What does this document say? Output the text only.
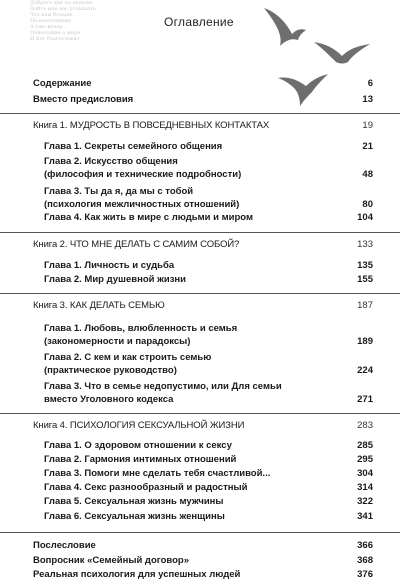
Доброго дня на неделю
Дайте мне вас услышать
Что нам больше
По-настоящему
А уже вечер
Пожелание о мире
И Бог благословит
Оглавление
Содержание	6
Вместо предисловия	13
Книга 1. МУДРОСТЬ В ПОВСЕДНЕВНЫХ КОНТАКТАХ	19
Глава 1. Секреты семейного общения	21
Глава 2. Искусство общения
(философия и технические подробности)	48
Глава 3. Ты да я, да мы с тобой
(психология межличностных отношений)	80
Глава 4. Как жить в мире с людьми и миром	104
Книга 2. ЧТО МНЕ ДЕЛАТЬ С САМИМ СОБОЙ?	133
Глава 1. Личность и судьба	135
Глава 2. Мир душевной жизни	155
Книга 3. КАК ДЕЛАТЬ СЕМЬЮ	187
Глава 1. Любовь, влюбленность и семья
(закономерности и парадоксы)	189
Глава 2. С кем и как строить семью
(практическое руководство)	224
Глава 3. Что в семье недопустимо, или Для семьи
вместо Уголовного кодекса	271
Книга 4. ПСИХОЛОГИЯ СЕКСУАЛЬНОЙ ЖИЗНИ	283
Глава 1. О здоровом отношении к сексу	285
Глава 2. Гармония интимных отношений	295
Глава 3. Помоги мне сделать тебя счастливой...	304
Глава 4. Секс разнообразный и радостный	314
Глава 5. Сексуальная жизнь мужчины	322
Глава 6. Сексуальная жизнь женщины	341
Послесловие	366
Вопросник «Семейный договор»	368
Реальная психология для успешных людей	376
